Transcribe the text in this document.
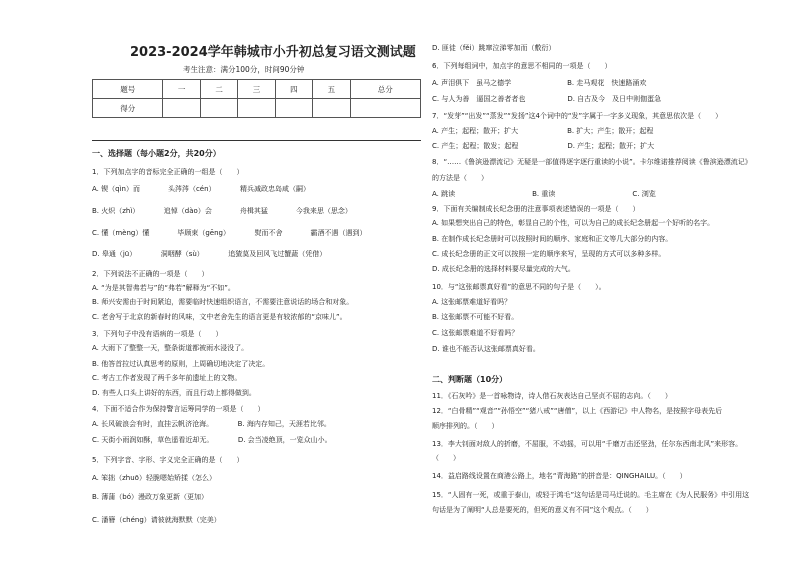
2023-2024学年韩城市小升初总复习语文测试题
考生注意：满分100分，时间90分钟
题号	一	二	三	四	五	总分
得分						
一、选择题（每小题2分，共20分）
1．下列加点字的音标完全正确的一组是（　　）
A. 锲（qìn）而　　　　头涔涔（cén）　　　　精兵减政忠岛咸（嗣）
B. 火炽（zhì）　　　　追悼（dào）会　　　　舟楫其猛　　　　今我来思（思念）
C. 懂（mèng）懂　　　　毕顾束（gēng）　　　　熨而不舍　　　　霸酒不遇（遇到）
D. 皋通（jū）　　　　洞咽酵（sù）　　　　追猹莫及回风飞过蟹蔬（凭借）
2．下列说法不正确的一项是（　　）
A. “为是其智弗若与”的“弗若”解释为“不如”。
B. 师兴安需由于时间紧迫，需要临时快速组织语言，不需要注意说话的场合和对象。
C. 老舍写于北京的新春时的风味，文中老舍先生的语言更是有较浓郁的“京味儿”。
3．下列句子中没有语病的一项是（　　）
A. 大雨下了整整一天，整条街道都被雨水浸没了。
B. 他答首拉过认真思考的原则，上周确切地决定了决定。
C. 考古工作者发现了两千多年前遗址上的文物。
D. 有些人口头上讲好的东西，而且行动上都得做到。
4．下面不适合作为保持警言运筹同学的一项是（　　）
A. 长风破浪会有时，直挂云帆济沧海。　　　　B. 海内存知己，天涯若比邻。
C. 天街小雨润如酥，草色遥看近却无。　　　　D. 会当凌绝顶，一览众山小。
5．下列字音、字形、字义完全正确的是（　　）
A. 笨拙（zhuō）轻脆嗯始矫揉（怎么）
B. 薄蒲（bó）漫政万象更新（更加）
C. 潘簪（chéng）请彼就海默默（完美）
D. 匪徒（fěi）跳窜泣涕零加而（敷衍）
6．下列每组词中，加点字的意思不相同的一项是（　　）
A. 声泪俱下　虽马之德学　　　　　　　　B. 走马观花　快速路涌欢
C. 与人为善　逼国之善者者也　　　　　　D. 自古及今　及日中则伽蛋急
7．“发芽”“出发”“蒸发”“发扬”这4个词中的“发”字属于一字多义现象，其意思依次是（　　）
A. 产生；起程；散开；扩大　　　　　　　B. 扩大；产生；散开；起程
C. 产生；起程；散发；起程　　　　　　　D. 产生；起程；散开；扩大
8．“……《鲁滨逊漂流记》无疑是一部值得逐字逐行重读的小说”。卡尔维诺推荐阅读《鲁滨逊漂流记》
的方法是（　　）
A. 跳读　　　　　　　　　　　B. 重读　　　　　　　　　　　C. 浏览
9．下面有关编制成长纪念册的注意事项表述错误的一项是（　　）
A. 如果想突出自己的特色，彰显自己的个性，可以为自己的成长纪念册起一个好听的名字。
B. 在制作成长纪念册时可以按照时间的顺序、家庭和正文等几大部分的内容。
C. 成长纪念册的正文可以按照一定的顺序来写，呈现的方式可以多种多样。
D. 成长纪念册的选择材料要尽量完成的大气。
10．与“这张邮票真好看”的意思不同的句子是（　　）。
A. 这张邮票难道好看吗？
B. 这张邮票不可能不好看。
C. 这张邮票难道不好看吗？
D. 谁也不能否认这张邮票真好看。
二、判断题（10分）
11．《石灰吟》是一首咏物诗，诗人借石灰表达自己坚贞不屈的志向。（　　）
12．“白骨精”“观音”“孙悟空”“猪八戒”“唐僧”，以上《西游记》中人物名，是按照字母表先后
顺序排列的。（　　）
13．李大钊面对敌人的折磨，不屈服，不动摇，可以用“千磨万击还坚劲，任尔东西南北风”来形容。
（　　）
14．益启路线设置在商港公路上，地名“青海路”的拼音是：QINGHAILU。（　　）
15．“人固有一死，或重于泰山，或轻于鸿毛”这句话是司马迁说的。毛主席在《为人民服务》中引用这
句话是为了阐明“人总是要死的，但死的意义有不同”这个观点。（　　）
